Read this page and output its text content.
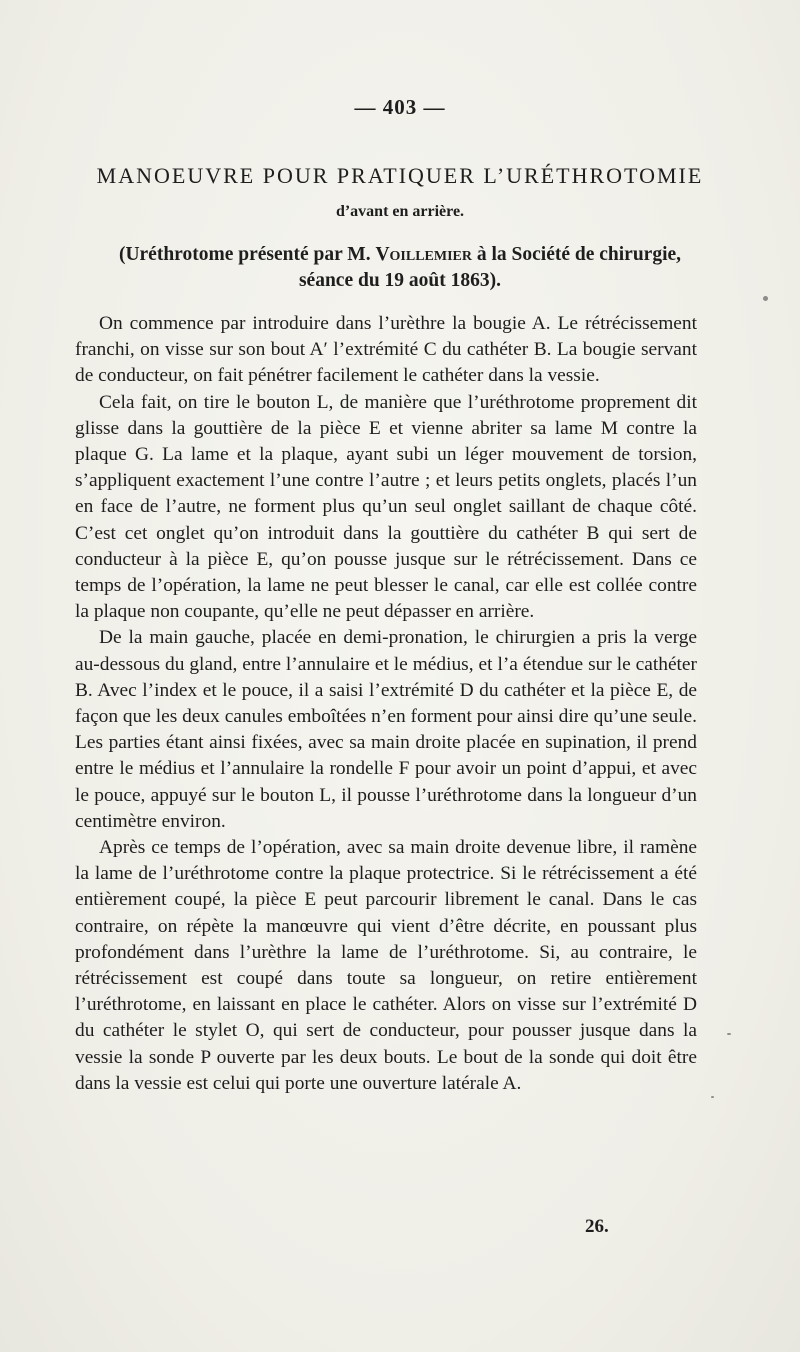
— 403 —
MANOEUVRE POUR PRATIQUER L’URÉTHROTOMIE
d’avant en arrière.
(Uréthrotome présenté par M. Voillemier à la Société de chirurgie,
séance du 19 août 1863).

On commence par introduire dans l’urèthre la bougie A. Le rétrécissement franchi, on visse sur son bout A′ l’extrémité C du cathéter B. La bougie servant de conducteur, on fait pénétrer facilement le cathéter dans la vessie.

Cela fait, on tire le bouton L, de manière que l’uréthrotome proprement dit glisse dans la gouttière de la pièce E et vienne abriter sa lame M contre la plaque G. La lame et la plaque, ayant subi un léger mouvement de torsion, s’appliquent exactement l’une contre l’autre ; et leurs petits onglets, placés l’un en face de l’autre, ne forment plus qu’un seul onglet saillant de chaque côté. C’est cet onglet qu’on introduit dans la gouttière du cathéter B qui sert de conducteur à la pièce E, qu’on pousse jusque sur le rétrécissement. Dans ce temps de l’opération, la lame ne peut blesser le canal, car elle est collée contre la plaque non coupante, qu’elle ne peut dépasser en arrière.

De la main gauche, placée en demi-pronation, le chirurgien a pris la verge au-dessous du gland, entre l’annulaire et le médius, et l’a étendue sur le cathéter B. Avec l’index et le pouce, il a saisi l’extrémité D du cathéter et la pièce E, de façon que les deux canules emboîtées n’en forment pour ainsi dire qu’une seule. Les parties étant ainsi fixées, avec sa main droite placée en supination, il prend entre le médius et l’annulaire la rondelle F pour avoir un point d’appui, et avec le pouce, appuyé sur le bouton L, il pousse l’uréthrotome dans la longueur d’un centimètre environ.

Après ce temps de l’opération, avec sa main droite devenue libre, il ramène la lame de l’uréthrotome contre la plaque protectrice. Si le rétrécissement a été entièrement coupé, la pièce E peut parcourir librement le canal. Dans le cas contraire, on répète la manœuvre qui vient d’être décrite, en poussant plus profondément dans l’urèthre la lame de l’uréthrotome. Si, au contraire, le rétrécissement est coupé dans toute sa longueur, on retire entièrement l’uréthrotome, en laissant en place le cathéter. Alors on visse sur l’extrémité D du cathéter le stylet O, qui sert de conducteur, pour pousser jusque dans la vessie la sonde P ouverte par les deux bouts. Le bout de la sonde qui doit être dans la vessie est celui qui porte une ouverture latérale A.

26.
